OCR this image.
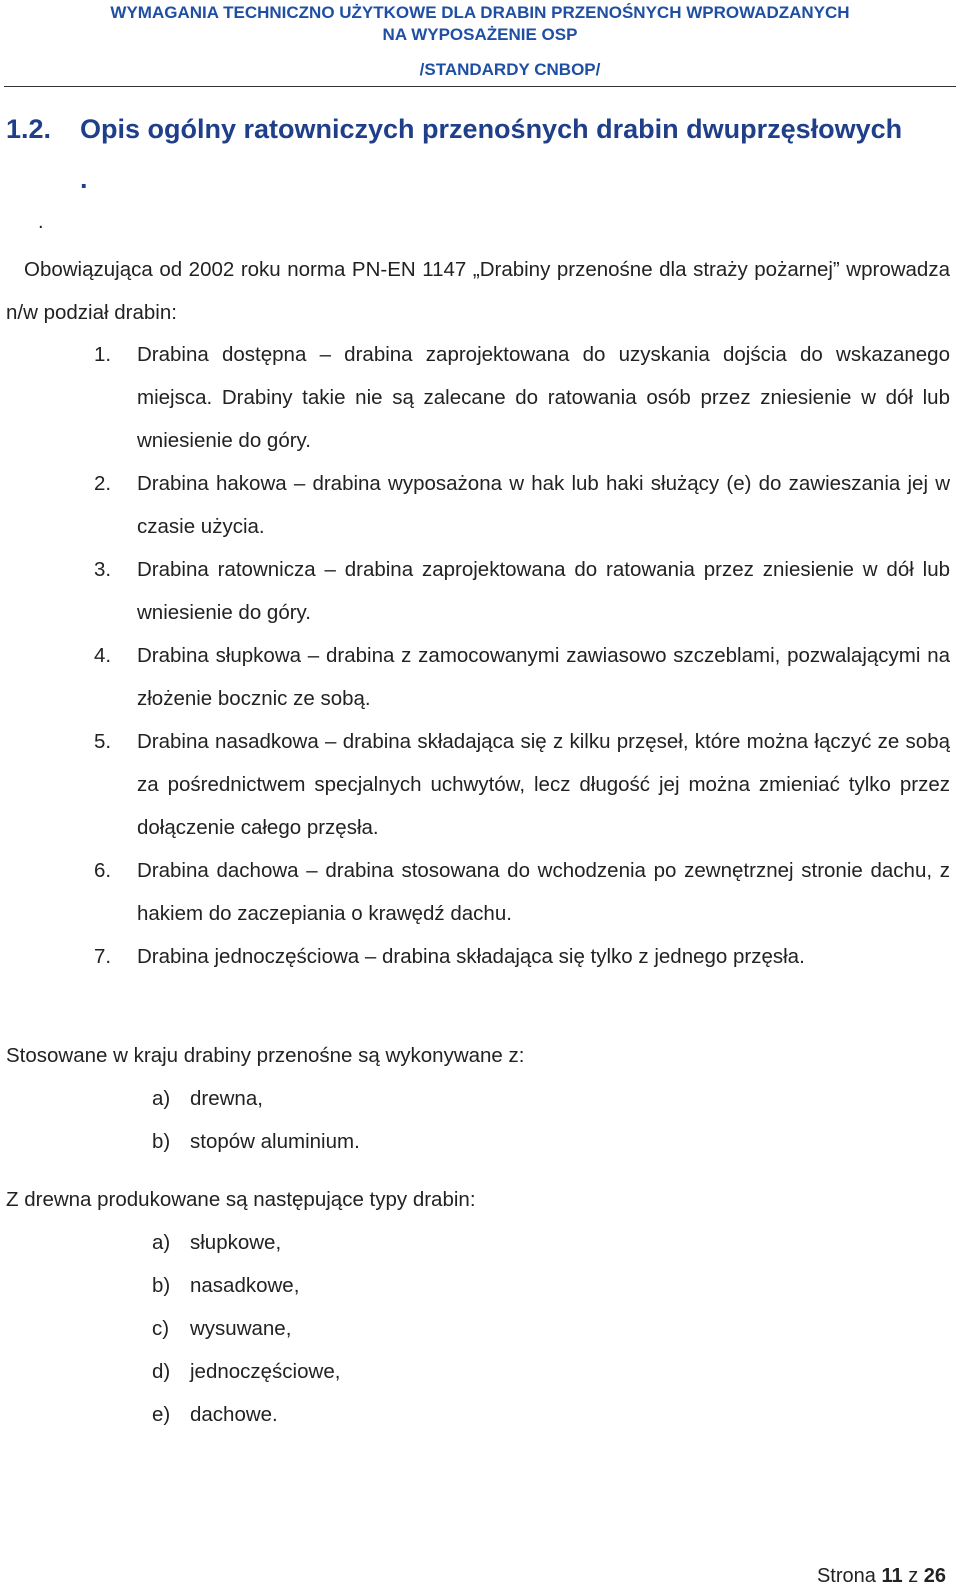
WYMAGANIA TECHNICZNO UŻYTKOWE DLA DRABIN PRZENOŚNYCH WPROWADZANYCH
NA WYPOSAŻENIE OSP
/STANDARDY CNBOP/
1.2. Opis ogólny ratowniczych przenośnych drabin dwuprzęsłowych .
.
Obowiązująca od 2002 roku norma PN-EN 1147 „Drabiny przenośne dla straży pożarnej” wprowadza n/w podział drabin:
1. Drabina dostępna – drabina zaprojektowana do uzyskania dojścia do wskazanego miejsca. Drabiny takie nie są zalecane do ratowania osób przez zniesienie w dół lub wniesienie do góry.
2. Drabina hakowa – drabina wyposażona w hak lub haki służący (e) do zawieszania jej w czasie użycia.
3. Drabina ratownicza – drabina zaprojektowana do ratowania przez zniesienie w dół lub wniesienie do góry.
4. Drabina słupkowa – drabina z zamocowanymi zawiasowo szczeblami, pozwalającymi na złożenie bocznic ze sobą.
5. Drabina nasadkowa – drabina składająca się z kilku przęseł, które można łączyć ze sobą za pośrednictwem specjalnych uchwytów, lecz długość jej można zmieniać tylko przez dołączenie całego przęsła.
6. Drabina dachowa – drabina stosowana do wchodzenia po zewnętrznej stronie dachu, z hakiem do zaczepiania o krawędź dachu.
7. Drabina jednoczęściowa – drabina składająca się tylko z jednego przęsła.
Stosowane w kraju drabiny przenośne są wykonywane z:
a) drewna,
b) stopów aluminium.
Z drewna produkowane są następujące typy drabin:
a) słupkowe,
b) nasadkowe,
c) wysuwane,
d) jednoczęściowe,
e) dachowe.
Strona 11 z 26
